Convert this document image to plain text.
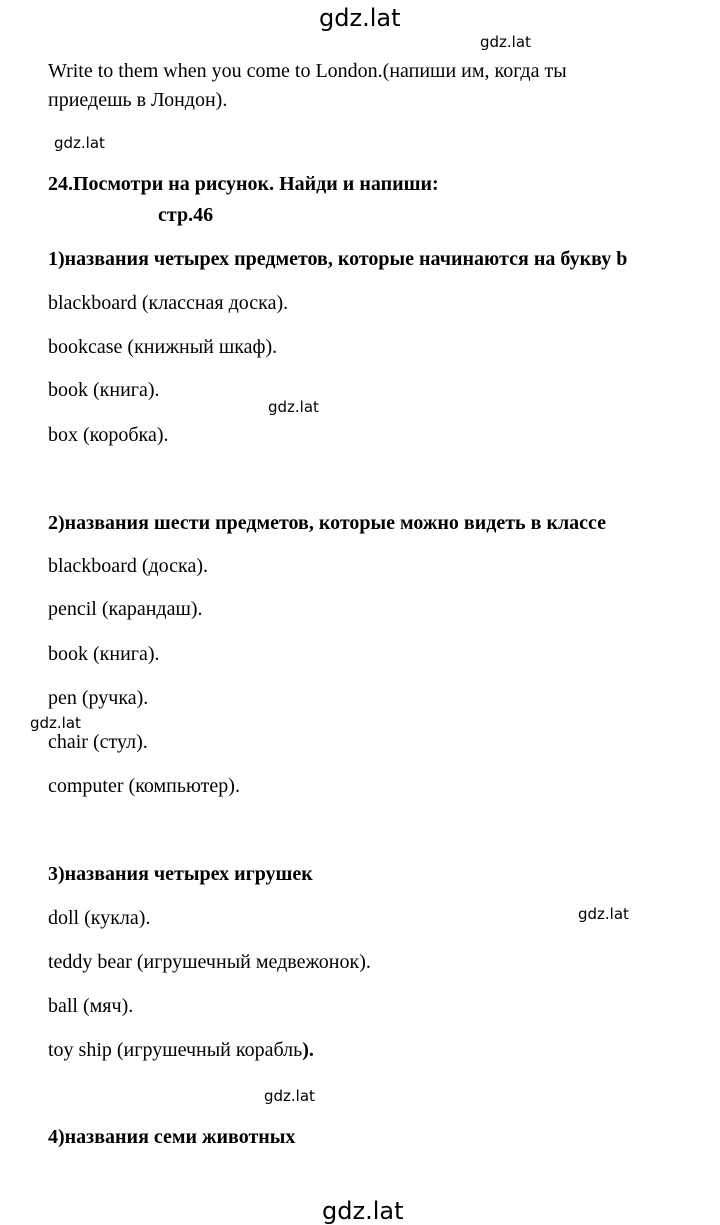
gdz.lat
gdz.lat
gdz.lat
gdz.lat
gdz.lat
gdz.lat
gdz.lat
gdz.lat
Write to them when you come to London.(напиши им, когда ты
приедешь в Лондон).
24.Посмотри на рисунок. Найди и напиши:
стр.46
1)названия четырех предметов, которые начинаются на букву b
blackboard (классная доска).
bookcase (книжный шкаф).
book (книга).
box (коробка).
2)названия шести предметов, которые можно видеть в классе
blackboard (доска).
pencil (карандаш).
book (книга).
pen (ручка).
chair (стул).
computer (компьютер).
3)названия четырех игрушек
doll (кукла).
teddy bear (игрушечный медвежонок).
ball (мяч).
toy ship (игрушечный корабль).
4)названия семи животных
